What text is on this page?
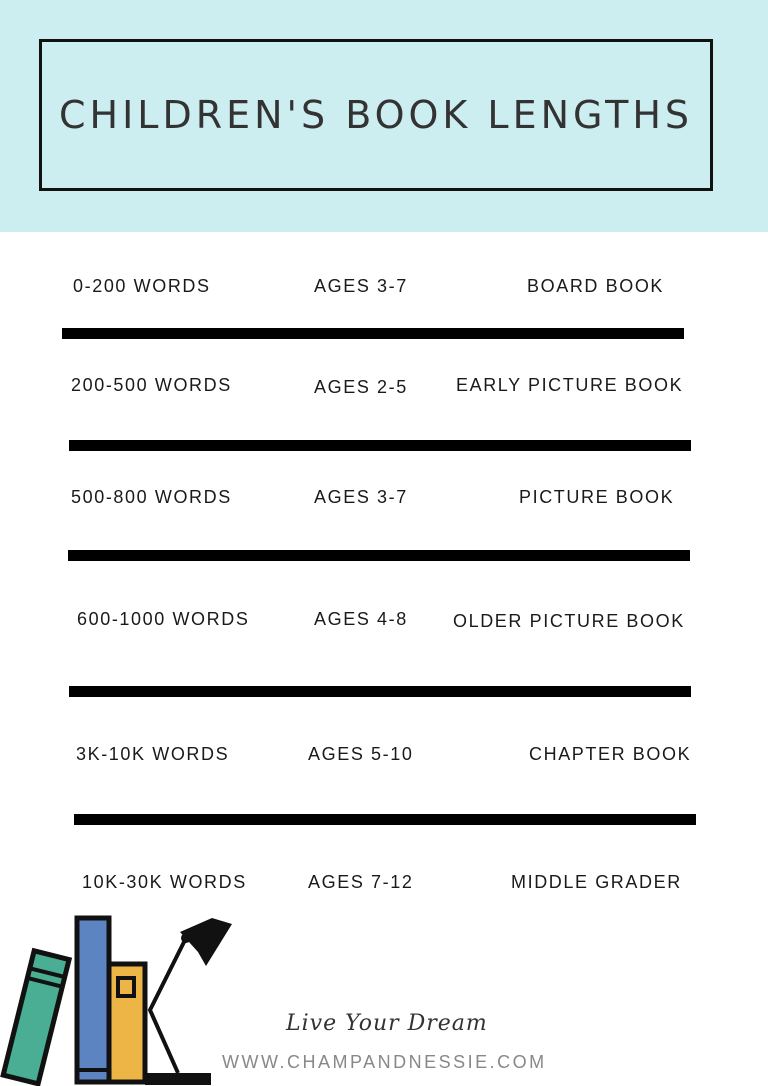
CHILDREN'S BOOK LENGTHS
0-200 WORDS	AGES 3-7	BOARD BOOK
200-500 WORDS	AGES 2-5	EARLY PICTURE BOOK
500-800 WORDS	AGES 3-7	PICTURE BOOK
600-1000 WORDS	AGES 4-8	OLDER PICTURE BOOK
3K-10K WORDS	AGES 5-10	CHAPTER BOOK
10K-30K WORDS	AGES 7-12	MIDDLE GRADER
Live Your Dream
WWW.CHAMPANDNESSIE.COM
